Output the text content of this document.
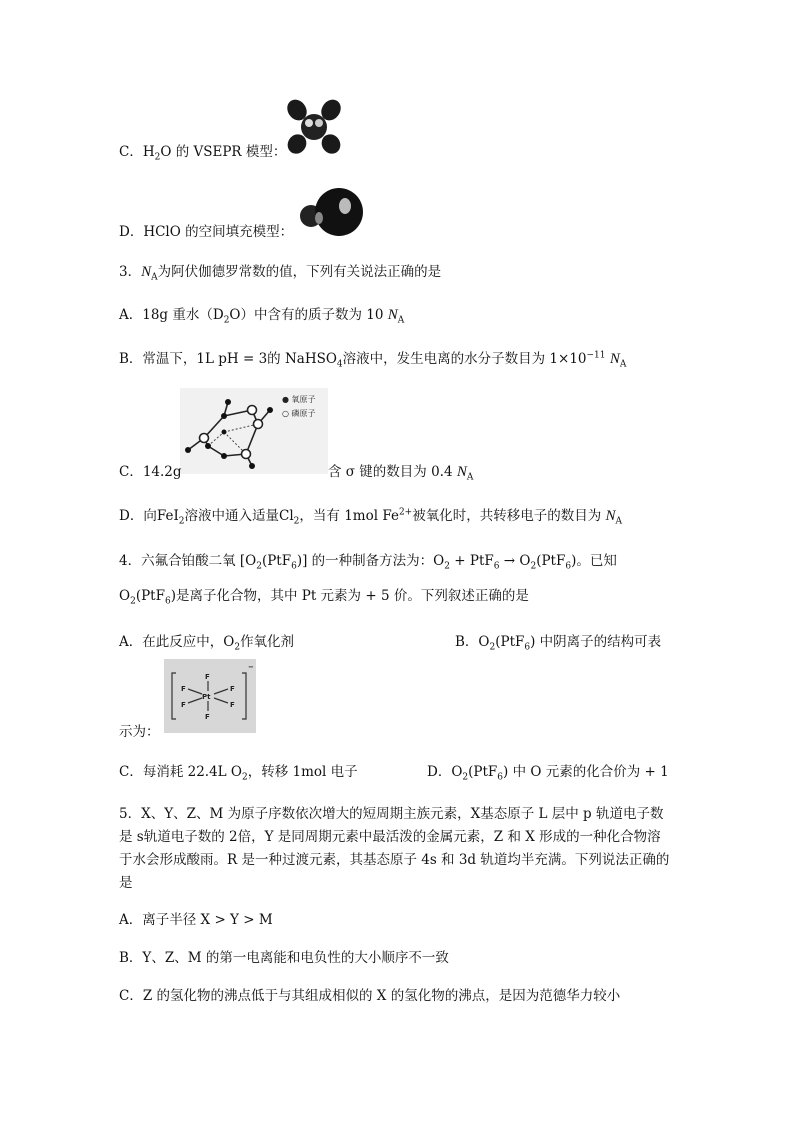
C．$H_2O$ 的 VSEPR 模型：
D．HClO 的空间填充模型：
3．$N_A$为阿伏伽德罗常数的值，下列有关说法正确的是
A．18g 重水$(D_2O)$中含有的质子数为 10 $N_A$
B．常温下，1L pH = 3的 NaHSO$_4$溶液中，发生电离的水分子数目为 $1\times 10^{-11}$ $N_A$
● 氧原子
○ 磷原子
C．14.2g	含 σ 键的数目为 0.4 $N_A$
D．向FeI$_2$溶液中通入适量$Cl_2$，当有 1mol $Fe^{2+}$被氧化时，共转移电子的数目为 $N_A$
4．六氟合铂酸二氧 $[O_2(PtF_6)]$ 的一种制备方法为：$O_2 + PtF_6 \to O_2(PtF_6)$。已知
$O_2(PtF_6)$是离子化合物，其中 Pt 元素为 + 5 价。下列叙述正确的是
A．在此反应中，$O_2$作氧化剂	B．$O_2(PtF_6)$ 中阴离子的结构可表
F
F
F	F
F	F
Pt
−
示为：
C．每消耗 22.4L $O_2$，转移 1mol 电子	D．$O_2(PtF_6)$ 中 O 元素的化合价为 + 1
5．X、Y、Z、M 为原子序数依次增大的短周期主族元素，X基态原子 L 层中 p 轨道电子数
是 s轨道电子数的 2倍，Y 是同周期元素中最活泼的金属元素，Z 和 X 形成的一种化合物溶
于水会形成酸雨。R 是一种过渡元素，其基态原子 4s 和 3d 轨道均半充满。下列说法正确的
是
A．离子半径 X > Y > M
B．Y、Z、M 的第一电离能和电负性的大小顺序不一致
C．Z 的氢化物的沸点低于与其组成相似的 X 的氢化物的沸点，是因为范德华力较小
